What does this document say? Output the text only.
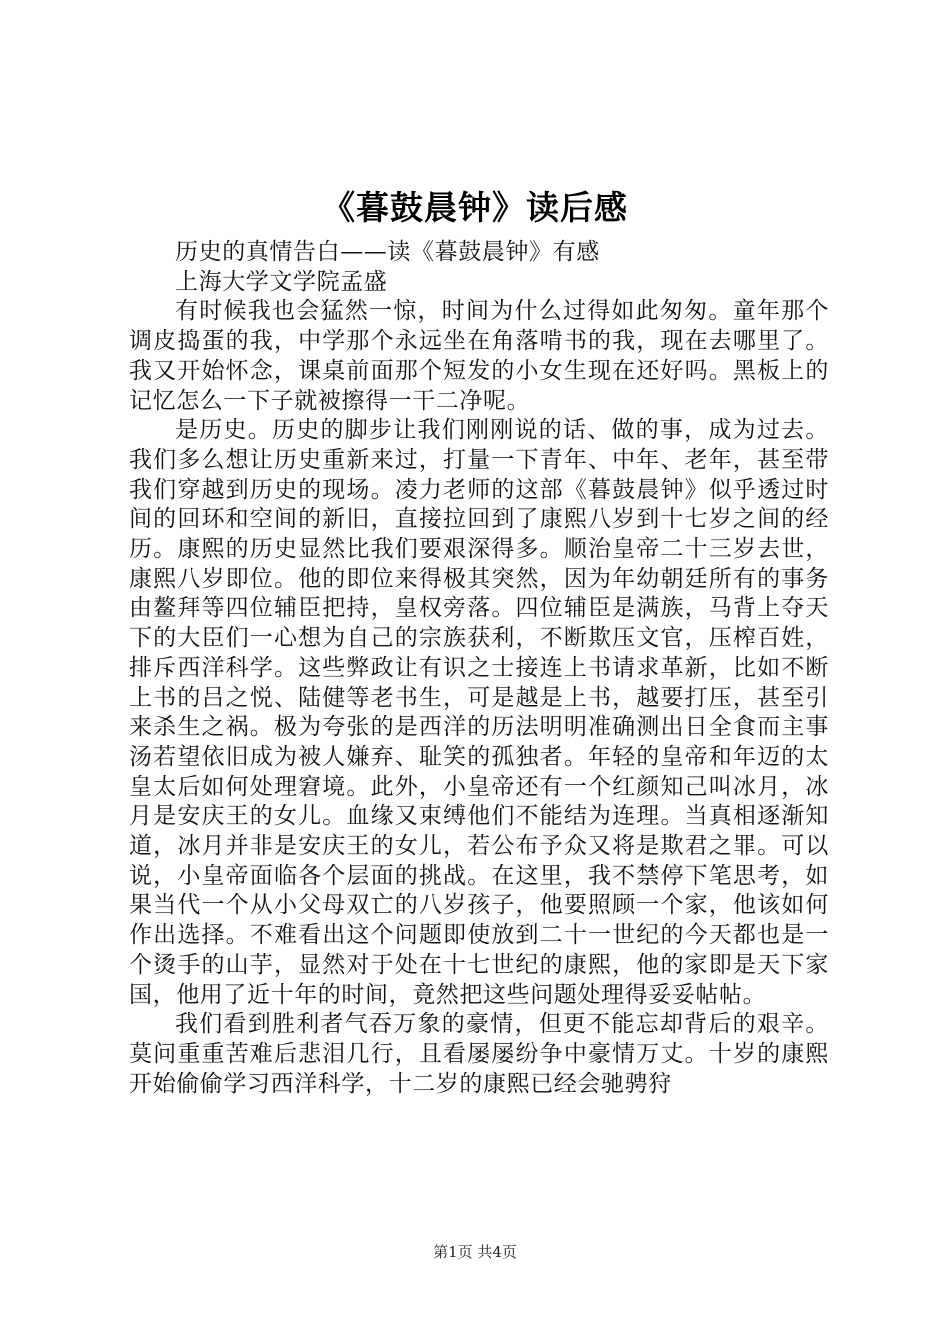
《暮鼓晨钟》读后感

历史的真情告白——读《暮鼓晨钟》有感

上海大学文学院孟盛

有时候我也会猛然一惊，时间为什么过得如此匆匆。童年那个调皮捣蛋的我，中学那个永远坐在角落啃书的我，现在去哪里了。我又开始怀念，课桌前面那个短发的小女生现在还好吗。黑板上的记忆怎么一下子就被擦得一干二净呢。

是历史。历史的脚步让我们刚刚说的话、做的事，成为过去。我们多么想让历史重新来过，打量一下青年、中年、老年，甚至带我们穿越到历史的现场。凌力老师的这部《暮鼓晨钟》似乎透过时间的回环和空间的新旧，直接拉回到了康熙八岁到十七岁之间的经历。康熙的历史显然比我们要艰深得多。顺治皇帝二十三岁去世，康熙八岁即位。他的即位来得极其突然，因为年幼朝廷所有的事务由鳌拜等四位辅臣把持，皇权旁落。四位辅臣是满族，马背上夺天下的大臣们一心想为自己的宗族获利，不断欺压文官，压榨百姓，排斥西洋科学。这些弊政让有识之士接连上书请求革新，比如不断上书的吕之悦、陆健等老书生，可是越是上书，越要打压，甚至引来杀生之祸。极为夸张的是西洋的历法明明准确测出日全食而主事汤若望依旧成为被人嫌弃、耻笑的孤独者。年轻的皇帝和年迈的太皇太后如何处理窘境。此外，小皇帝还有一个红颜知己叫冰月，冰月是安庆王的女儿。血缘又束缚他们不能结为连理。当真相逐渐知道，冰月并非是安庆王的女儿，若公布予众又将是欺君之罪。可以说，小皇帝面临各个层面的挑战。在这里，我不禁停下笔思考，如果当代一个从小父母双亡的八岁孩子，他要照顾一个家，他该如何作出选择。不难看出这个问题即使放到二十一世纪的今天都也是一个烫手的山芋，显然对于处在十七世纪的康熙，他的家即是天下家国，他用了近十年的时间，竟然把这些问题处理得妥妥帖帖。

我们看到胜利者气吞万象的豪情，但更不能忘却背后的艰辛。莫问重重苦难后悲泪几行，且看屡屡纷争中豪情万丈。十岁的康熙开始偷偷学习西洋科学，十二岁的康熙已经会驰骋狩

第1页 共4页
